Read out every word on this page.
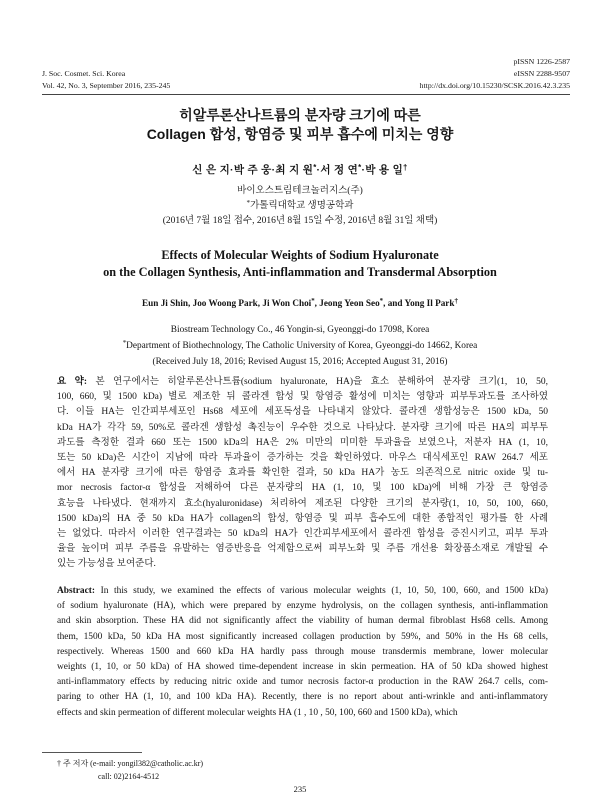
J. Soc. Cosmet. Sci. Korea
Vol. 42, No. 3, September 2016, 235-245
pISSN 1226-2587
eISSN 2288-9507
http://dx.doi.org/10.15230/SCSK.2016.42.3.235
히알루론산나트륨의 분자량 크기에 따른
Collagen 합성, 항염증 및 피부 흡수에 미치는 영향
신 은 지·박 주 웅·최 지 원*·서 정 연*·박 용 일†
바이오스트림테크놀러지스(주)
*가톨릭대학교 생명공학과
(2016년 7월 18일 접수, 2016년 8월 15일 수정, 2016년 8월 31일 채택)
Effects of Molecular Weights of Sodium Hyaluronate
on the Collagen Synthesis, Anti-inflammation and Transdermal Absorption
Eun Ji Shin, Joo Woong Park, Ji Won Choi*, Jeong Yeon Seo*, and Yong Il Park†
Biostream Technology Co., 46 Yongin-si, Gyeonggi-do 17098, Korea
*Department of Biothechnology, The Catholic University of Korea, Gyeonggi-do 14662, Korea
(Received July 18, 2016; Revised August 15, 2016; Accepted August 31, 2016)
요 약: 본 연구에서는 히알루론산나트륨(sodium hyaluronate, HA)을 효소 분해하여 분자량 크기(1, 10, 50,
100, 660, 및 1500 kDa) 별로 제조한 뒤 콜라겐 합성 및 항염증 활성에 미치는 영향과 피부투과도를 조사하였
다. 이들 HA는 인간피부세포인 Hs68 세포에 세포독성을 나타내지 않았다. 콜라겐 생합성능은 1500 kDa, 50
kDa HA가 각각 59, 50%로 콜라겐 생합성 촉진능이 우수한 것으로 나타났다. 분자량 크기에 따른 HA의 피부투
과도를 측정한 결과 660 또는 1500 kDa의 HA은 2% 미만의 미미한 투과율을 보였으나, 저분자 HA (1, 10,
또는 50 kDa)은 시간이 지남에 따라 투과율이 증가하는 것을 확인하였다. 마우스 대식세포인 RAW 264.7 세포
에서 HA 분자량 크기에 따른 항염증 효과를 확인한 결과, 50 kDa HA가 농도 의존적으로 nitric oxide 및 tu-
mor necrosis factor-α 합성을 저해하여 다른 분자량의 HA (1, 10, 및 100 kDa)에 비해 가장 큰 항염증
효능을 나타냈다. 현재까지 효소(hyaluronidase) 처리하여 제조된 다양한 크기의 분자량(1, 10, 50, 100, 660,
1500 kDa)의 HA 중 50 kDa HA가 collagen의 합성, 항염증 및 피부 흡수도에 대한 종합적인 평가를 한 사례
는 없었다. 따라서 이러한 연구결과는 50 kDa의 HA가 인간피부세포에서 콜라겐 합성을 증진시키고, 피부 투과
율을 높이며 피부 주름을 유발하는 염증반응을 억제함으로써 피부노화 및 주름 개선용 화장품소재로 개발될 수
있는 가능성을 보여준다.
Abstract: In this study, we examined the effects of various molecular weights (1, 10, 50, 100, 660, and 1500 kDa)
of sodium hyaluronate (HA), which were prepared by enzyme hydrolysis, on the collagen synthesis, anti-inflammation
and skin absorption. These HA did not significantly affect the viability of human dermal fibroblast Hs68 cells. Among
them, 1500 kDa, 50 kDa HA most significantly increased collagen production by 59%, and 50% in the Hs 68 cells,
respectively. Whereas 1500 and 660 kDa HA hardly pass through mouse transdermis membrane, lower molecular
weights (1, 10, or 50 kDa) of HA showed time-dependent increase in skin permeation. HA of 50 kDa showed highest
anti-inflammatory effects by reducing nitric oxide and tumor necrosis factor-α production in the RAW 264.7 cells, com-
paring to other HA (1, 10, and 100 kDa HA). Recently, there is no report about anti-wrinkle and anti-inflammatory
effects and skin permeation of different molecular weights HA (1 , 10 , 50, 100, 660 and 1500 kDa), which
† 주 저자 (e-mail: yongil382@catholic.ac.kr)
call: 02)2164-4512
235
